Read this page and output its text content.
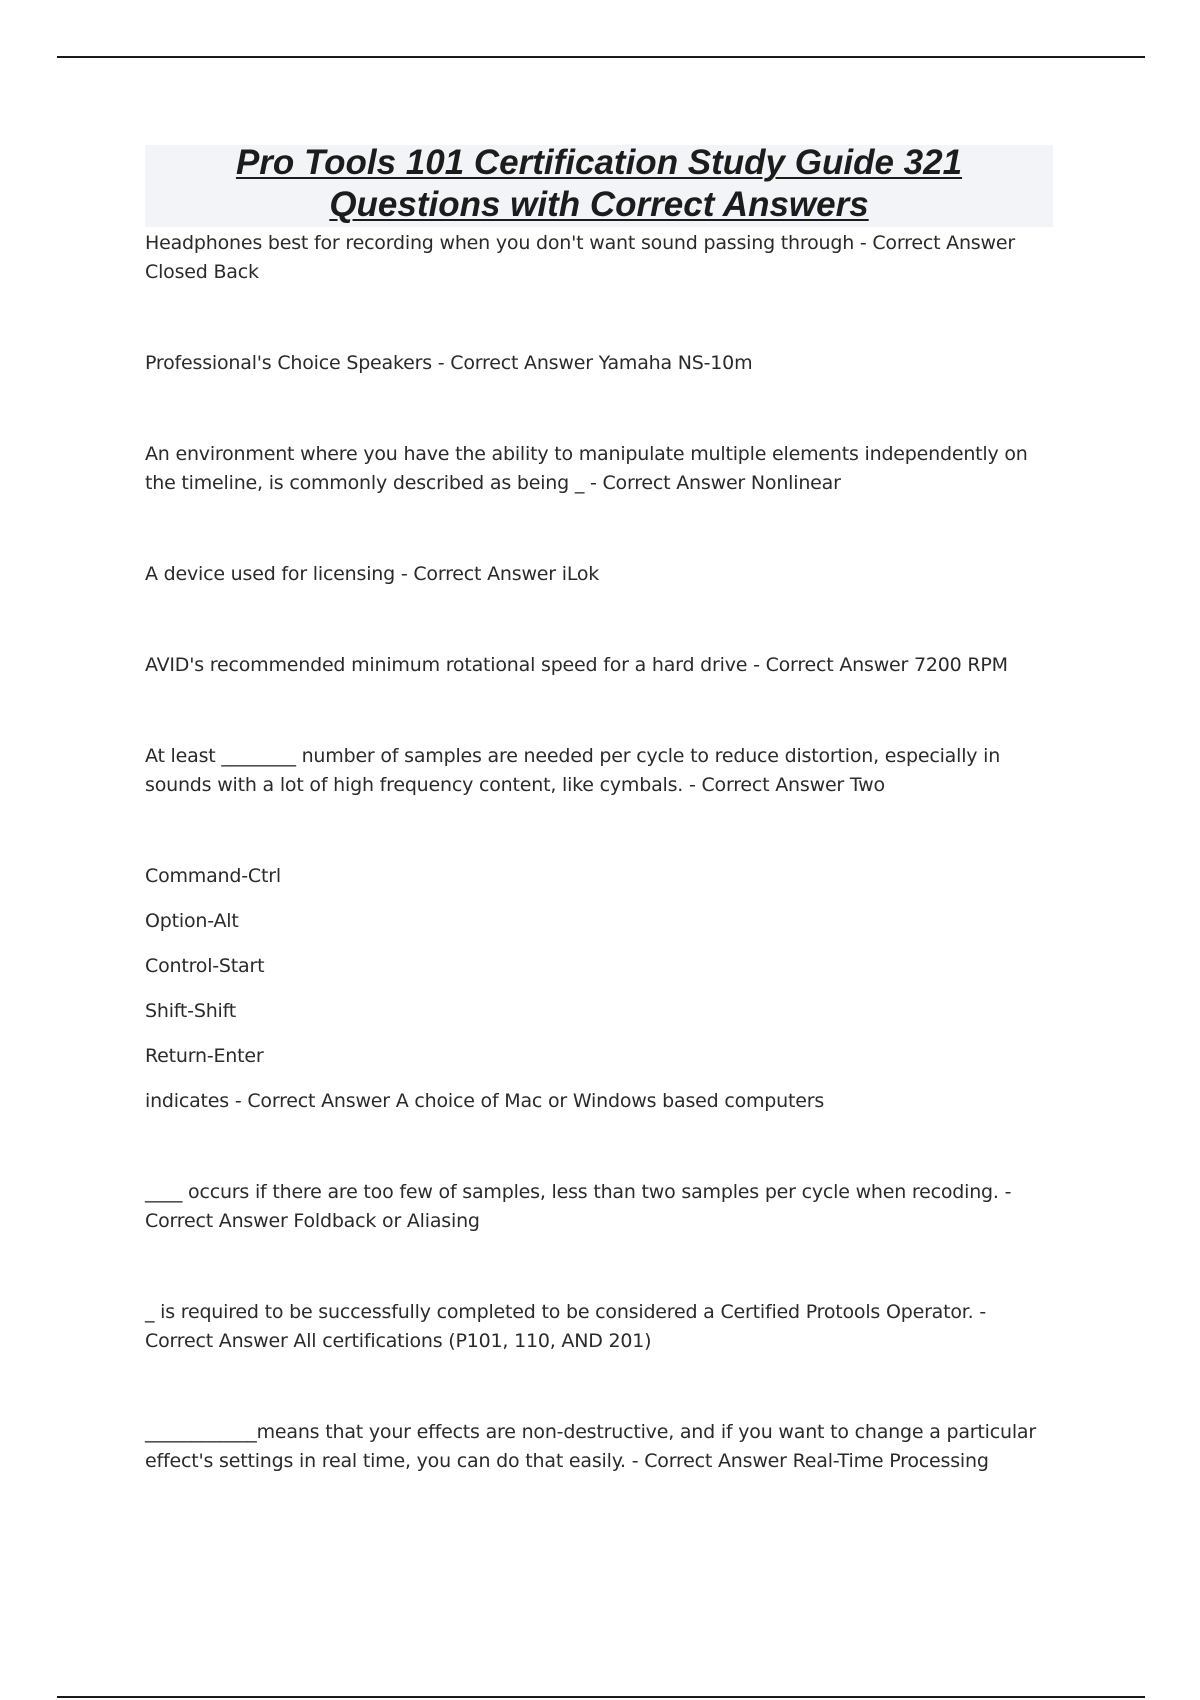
Pro Tools 101 Certification Study Guide 321
Questions with Correct Answers

Headphones best for recording when you don't want sound passing through - Correct Answer Closed Back

Professional's Choice Speakers - Correct Answer Yamaha NS-10m

An environment where you have the ability to manipulate multiple elements independently on the timeline, is commonly described as being _ - Correct Answer Nonlinear

A device used for licensing - Correct Answer iLok

AVID's recommended minimum rotational speed for a hard drive - Correct Answer 7200 RPM

At least ________ number of samples are needed per cycle to reduce distortion, especially in sounds with a lot of high frequency content, like cymbals. - Correct Answer Two

Command-Ctrl

Option-Alt

Control-Start

Shift-Shift

Return-Enter

indicates - Correct Answer A choice of Mac or Windows based computers

____ occurs if there are too few of samples, less than two samples per cycle when recoding. - Correct Answer Foldback or Aliasing

_ is required to be successfully completed to be considered a Certified Protools Operator. - Correct Answer All certifications (P101, 110, AND 201)

____________means that your effects are non-destructive, and if you want to change a particular effect's settings in real time, you can do that easily. - Correct Answer Real-Time Processing
